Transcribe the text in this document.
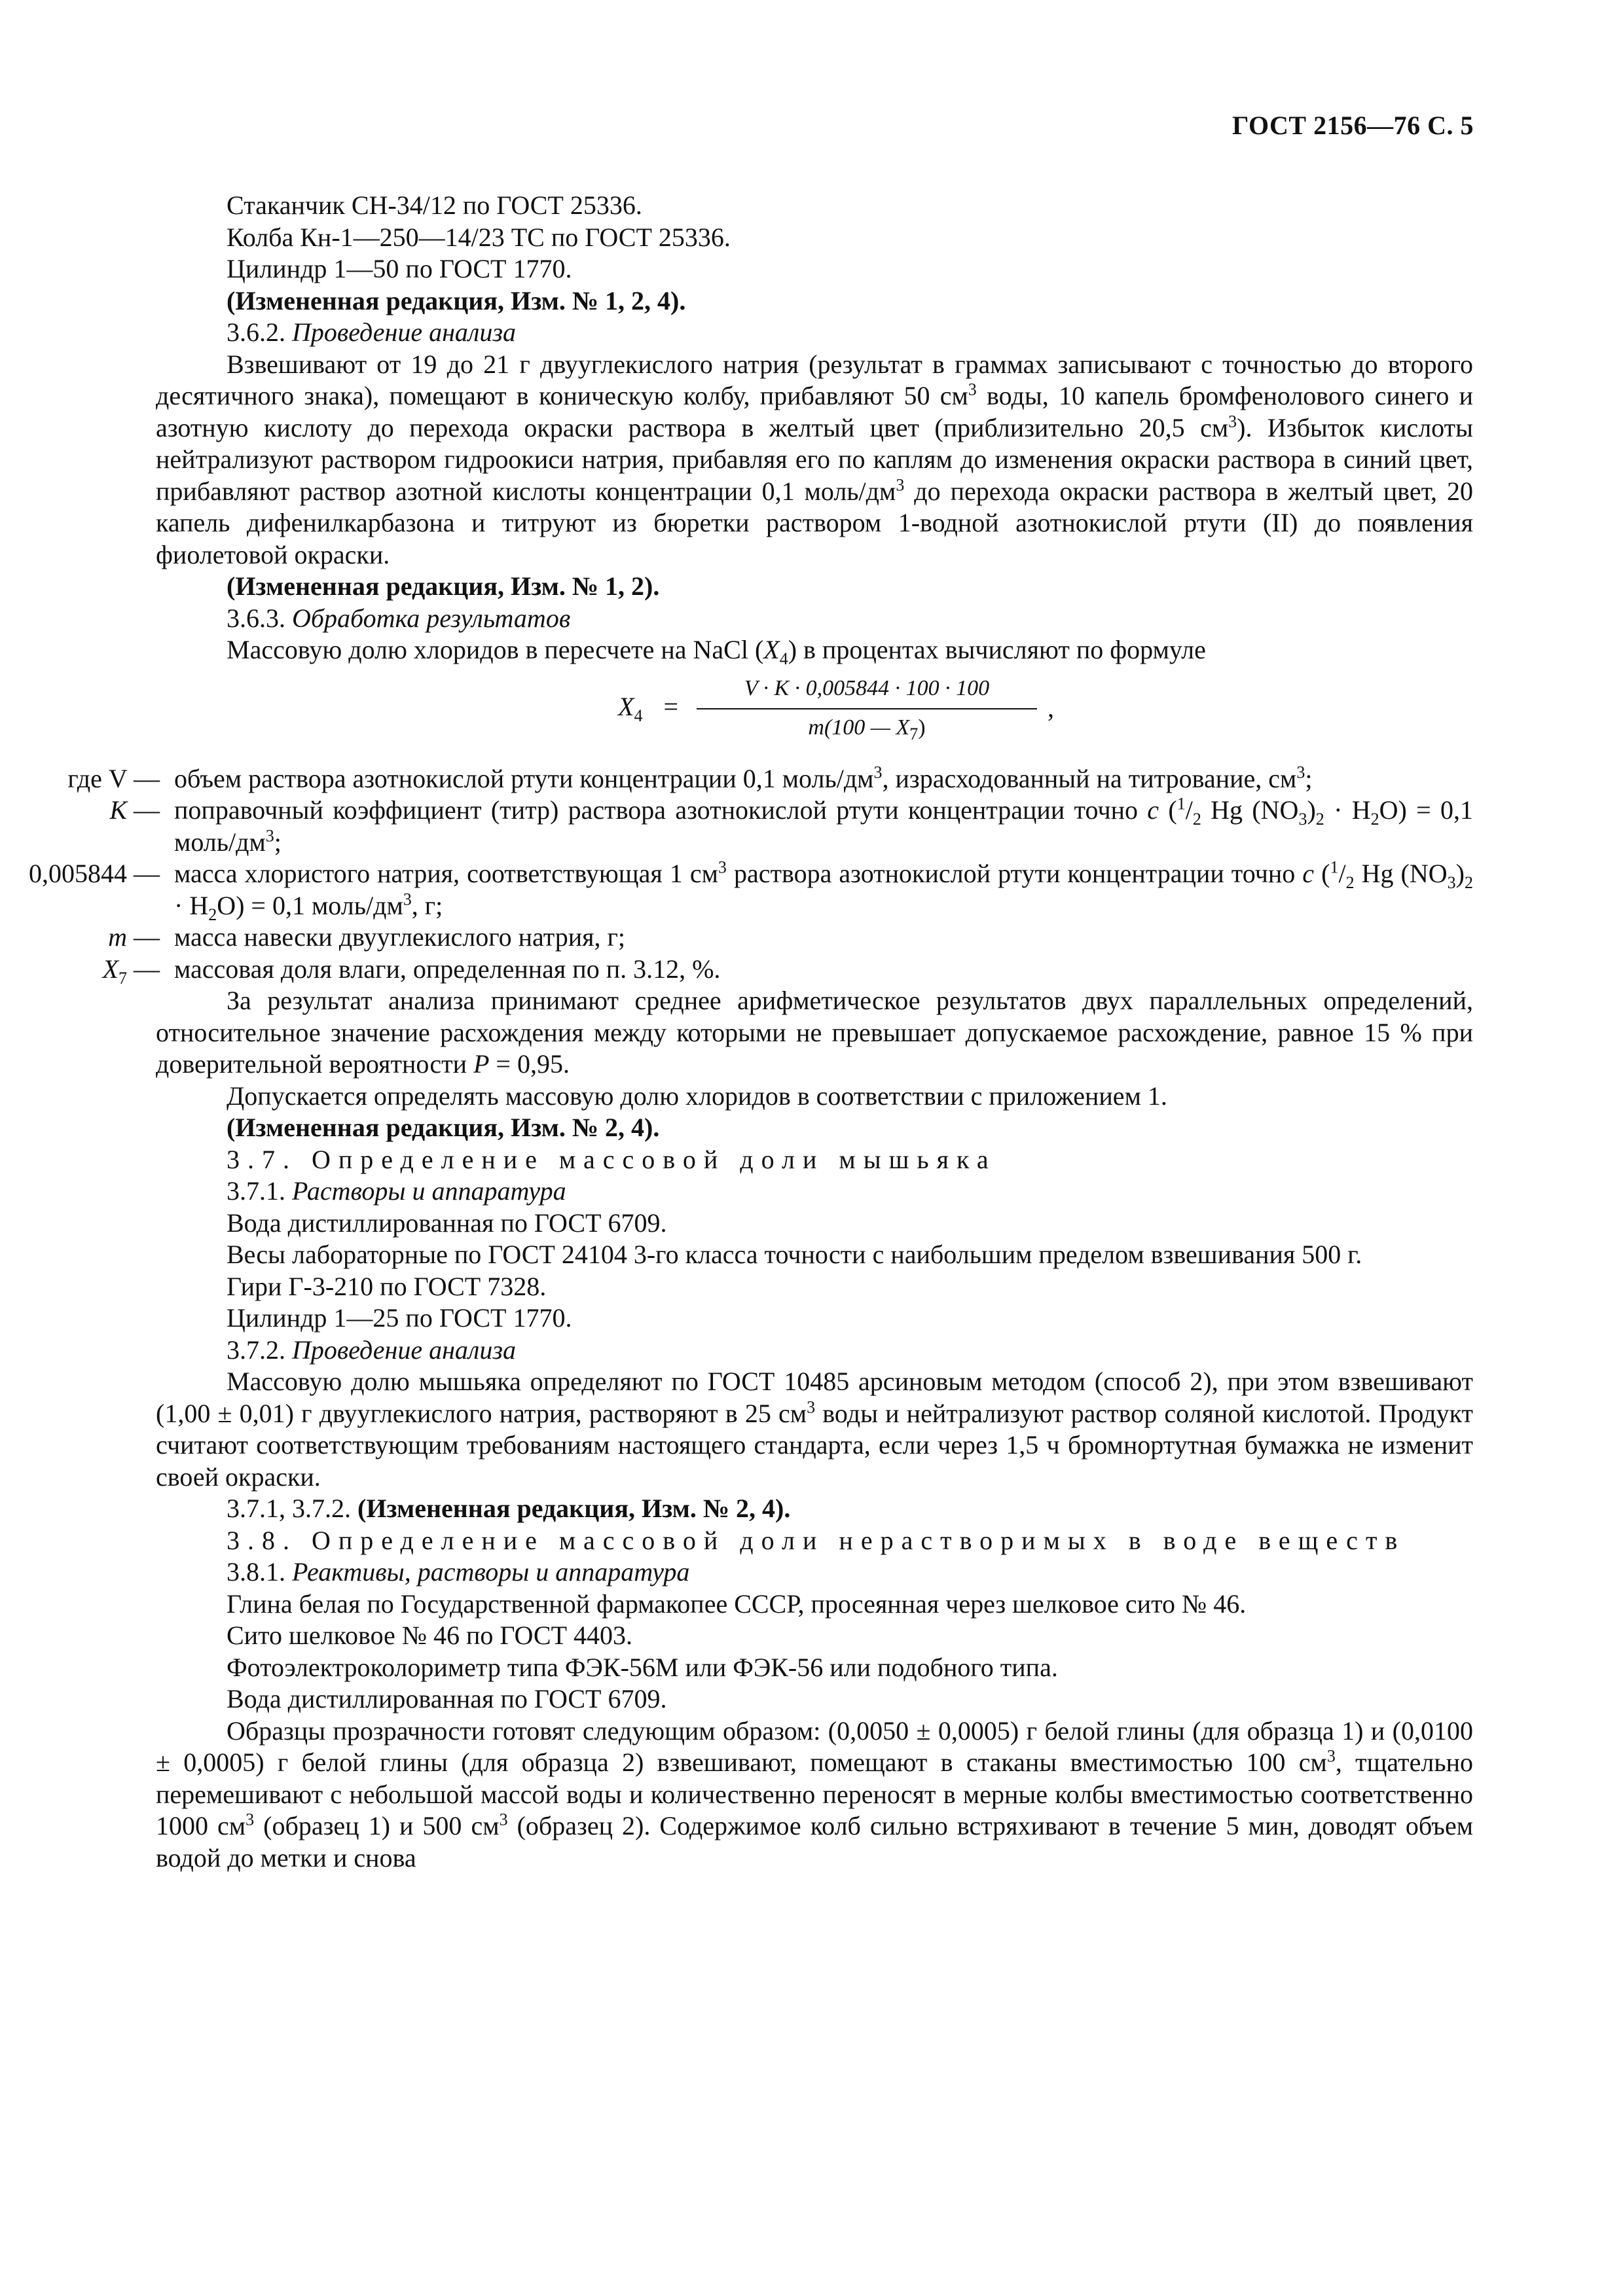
ГОСТ 2156—76 С. 5

Стаканчик СН-34/12 по ГОСТ 25336.

Колба Кн-1—250—14/23 ТС по ГОСТ 25336.

Цилиндр 1—50 по ГОСТ 1770.

(Измененная редакция, Изм. № 1, 2, 4).

3.6.2. Проведение анализа

Взвешивают от 19 до 21 г двууглекислого натрия (результат в граммах записывают с точностью до второго десятичного знака), помещают в коническую колбу, прибавляют 50 $см^3$ воды, 10 капель бромфенолового синего и азотную кислоту до перехода окраски раствора в желтый цвет (приблизительно 20,5 $см^3$). Избыток кислоты нейтрализуют раствором гидроокиси натрия, прибавляя его по каплям до изменения окраски раствора в синий цвет, прибавляют раствор азотной кислоты концентрации 0,1 моль/$дм^3$ до перехода окраски раствора в желтый цвет, 20 капель дифенилкарбазона и титруют из бюретки раствором 1-водной азотнокислой ртути (II) до появления фиолетовой окраски.

(Измененная редакция, Изм. № 1, 2).

3.6.3. Обработка результатов

Массовую долю хлоридов в пересчете на NaCl $(X_4)$ в процентах вычисляют по формуле

$X_4$ =
V · K · 0,005844 · 100 · 100
m(100 — $X_7$)
,
где V — объем раствора азотнокислой ртути концентрации 0,1 моль/$дм^3$, израсходованный на титрование, $см^3$;
K — поправочный коэффициент (титр) раствора азотнокислой ртути концентрации точно c ($^1/_2$ Hg $(NO_3)_2 \cdot H_2O) = 0,1$ моль/$дм^3$;
0,005844 — масса хлористого натрия, соответствующая 1 $см^3$ раствора азотнокислой ртути концентрации точно c ($^1/_2$ Hg $(NO_3)_2 \cdot H_2O) = 0,1$ моль/$дм^3$, г;
m — масса навески двууглекислого натрия, г;
$X_7$ — массовая доля влаги, определенная по п. 3.12, %.

За результат анализа принимают среднее арифметическое результатов двух параллельных определений, относительное значение расхождения между которыми не превышает допускаемое расхождение, равное 15 % при доверительной вероятности P = 0,95.

Допускается определять массовую долю хлоридов в соответствии с приложением 1.

(Измененная редакция, Изм. № 2, 4).

3.7. Определение массовой доли мышьяка

3.7.1. Растворы и аппаратура

Вода дистиллированная по ГОСТ 6709.

Весы лабораторные по ГОСТ 24104 3-го класса точности с наибольшим пределом взвешивания 500 г.

Гири Г-3-210 по ГОСТ 7328.

Цилиндр 1—25 по ГОСТ 1770.

3.7.2. Проведение анализа

Массовую долю мышьяка определяют по ГОСТ 10485 арсиновым методом (способ 2), при этом взвешивают (1,00 ± 0,01) г двууглекислого натрия, растворяют в 25 $см^3$ воды и нейтрализуют раствор соляной кислотой. Продукт считают соответствующим требованиям настоящего стандарта, если через 1,5 ч бромнортутная бумажка не изменит своей окраски.

3.7.1, 3.7.2. (Измененная редакция, Изм. № 2, 4).

3.8. Определение массовой доли нерастворимых в воде веществ

3.8.1. Реактивы, растворы и аппаратура

Глина белая по Государственной фармакопее СССР, просеянная через шелковое сито № 46.

Сито шелковое № 46 по ГОСТ 4403.

Фотоэлектроколориметр типа ФЭК-56М или ФЭК-56 или подобного типа.

Вода дистиллированная по ГОСТ 6709.

Образцы прозрачности готовят следующим образом: (0,0050 ± 0,0005) г белой глины (для образца 1) и (0,0100 ± 0,0005) г белой глины (для образца 2) взвешивают, помещают в стаканы вместимостью 100 $см^3$, тщательно перемешивают с небольшой массой воды и количественно переносят в мерные колбы вместимостью соответственно 1000 $см^3$ (образец 1) и 500 $см^3$ (образец 2). Содержимое колб сильно встряхивают в течение 5 мин, доводят объем водой до метки и снова
